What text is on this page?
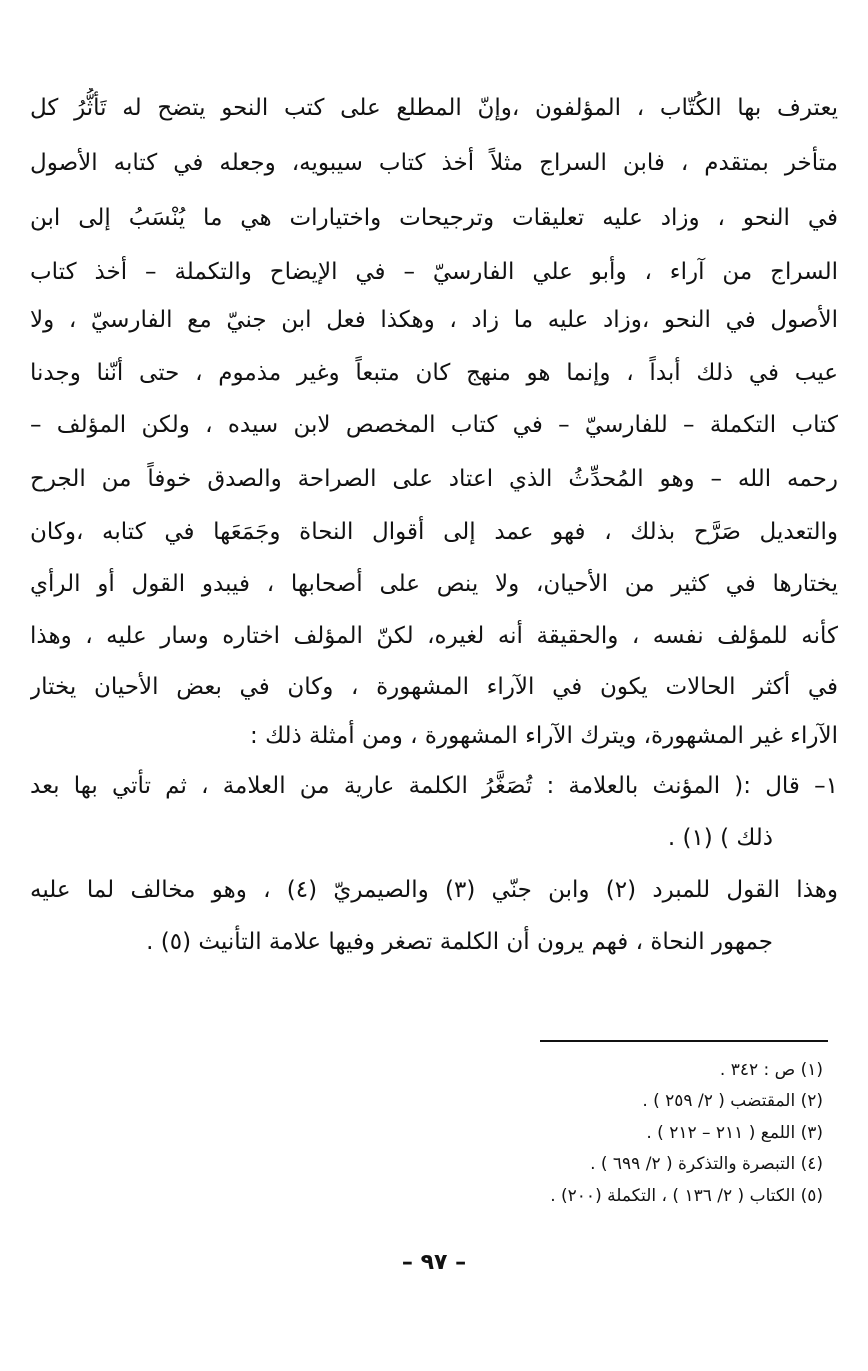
يعترف بها الكُتّاب ، المؤلفون ،وإنّ المطلع على كتب النحو يتضح له تَأثُّرُ كل
متأخر بمتقدم ، فابن السراج مثلاً أخذ كتاب سيبويه، وجعله في كتابه الأصول
في النحو ، وزاد عليه تعليقات وترجيحات واختيارات هي ما يُنْسَبُ إلى ابن
السراج من آراء ، وأبو علي الفارسيّ – في الإيضاح والتكملة – أخذ كتاب
الأصول في النحو ،وزاد عليه ما زاد ، وهكذا فعل ابن جنيّ مع الفارسيّ ، ولا
عيب في ذلك أبداً ، وإنما هو منهج كان متبعاً وغير مذموم ، حتى أنّنا وجدنا
كتاب التكملة – للفارسيّ – في كتاب المخصص لابن سيده ، ولكن المؤلف –
رحمه الله – وهو المُحدِّثُ الذي اعتاد على الصراحة والصدق خوفاً من الجرح
والتعديل صَرَّح بذلك ، فهو عمد إلى أقوال النحاة وجَمَعَها في كتابه ،وكان
يختارها في كثير من الأحيان، ولا ينص على أصحابها ، فيبدو القول أو الرأي
كأنه للمؤلف نفسه ، والحقيقة أنه لغيره، لكنّ المؤلف اختاره وسار عليه ، وهذا
في أكثر الحالات يكون في الآراء المشهورة ، وكان في بعض الأحيان يختار
الآراء غير المشهورة، ويترك الآراء المشهورة ، ومن أمثلة ذلك :
١– قال :( المؤنث بالعلامة : تُصَغَّرُ الكلمة عارية من العلامة ، ثم تأتي بها بعد
ذلك ) (١) .
وهذا القول للمبرد (٢) وابن جنّي (٣) والصيمريّ (٤) ، وهو مخالف لما عليه
جمهور النحاة ، فهم يرون أن الكلمة تصغر وفيها علامة التأنيث (٥) .
(١) ص : ٣٤٢ .
(٢) المقتضب ( ٢/ ٢٥٩ ) .
(٣) اللمع ( ٢١١ – ٢١٢ ) .
(٤) التبصرة والتذكرة ( ٢/ ٦٩٩ ) .
(٥) الكتاب ( ٢/ ١٣٦ ) ، التكملة (٢٠٠) .
– ٩٧ –
